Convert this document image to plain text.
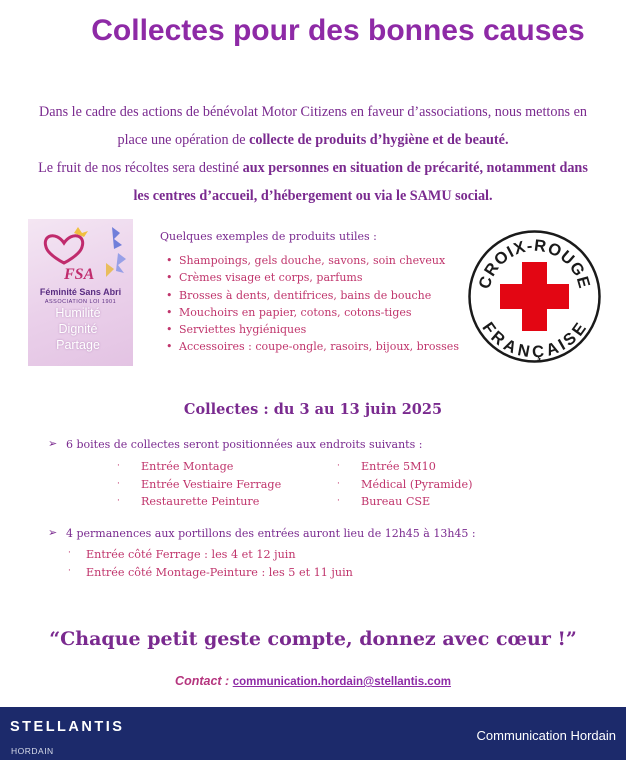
Collectes pour des bonnes causes
Dans le cadre des actions de bénévolat Motor Citizens en faveur d’associations, nous mettons en place une opération de collecte de produits d’hygiène et de beauté.
Le fruit de nos récoltes sera destiné aux personnes en situation de précarité, notamment dans les centres d’accueil, d’hébergement ou via le SAMU social.
FSA
Féminité Sans Abri
ASSOCIATION LOI 1901
Humilité
Dignité
Partage
Quelques exemples de produits utiles :
• Shampoings, gels douche, savons, soin cheveux
• Crèmes visage et corps, parfums
• Brosses à dents, dentifrices, bains de bouche
• Mouchoirs en papier, cotons, cotons-tiges
• Serviettes hygiéniques
• Accessoires : coupe-ongle, rasoirs, bijoux, brosses
CROIX-ROUGE
FRANÇAISE
Collectes : du 3 au 13 juin 2025
➢ 6 boites de collectes seront positionnées aux endroits suivants :
· Entrée Montage
· Entrée Vestiaire Ferrage
· Restaurette Peinture
· Entrée 5M10
· Médical (Pyramide)
· Bureau CSE
➢ 4 permanences aux portillons des entrées auront lieu de 12h45 à 13h45 :
· Entrée côté Ferrage : les 4 et 12 juin
· Entrée côté Montage-Peinture : les 5 et 11 juin
“Chaque petit geste compte, donnez avec cœur !”
Contact : communication.hordain@stellantis.com
STELLANTIS
HORDAIN
Communication Hordain
